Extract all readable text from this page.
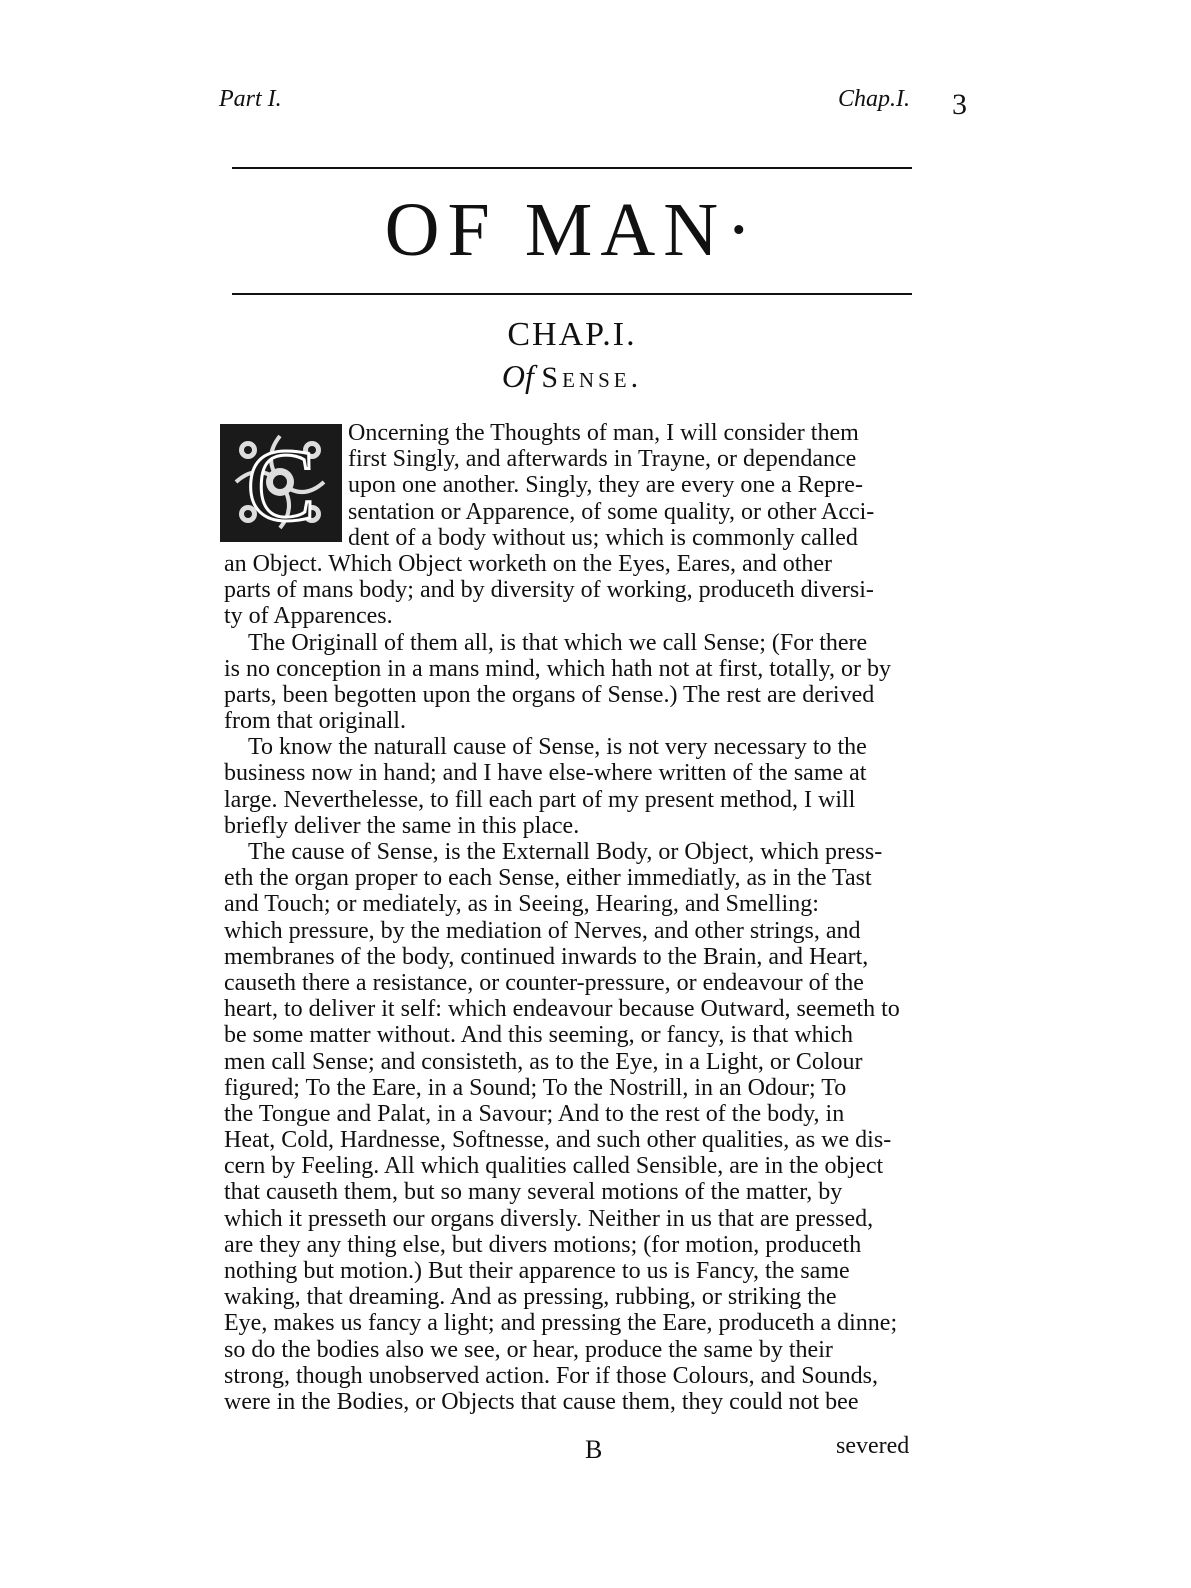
Part I.	Chap.I. 3
OF MAN·
CHAP.I.
Of Sense.
C	Oncerning the Thoughts of man, I will consider them
first Singly, and afterwards in Trayne, or dependance
upon one another. Singly, they are every one a Repre-
sentation or Apparence, of some quality, or other Acci-
dent of a body without us; which is commonly called
an Object. Which Object worketh on the Eyes, Eares, and other
parts of mans body; and by diversity of working, produceth diversi-
ty of Apparences.
The Originall of them all, is that which we call Sense; (For there
is no conception in a mans mind, which hath not at first, totally, or by
parts, been begotten upon the organs of Sense.) The rest are derived
from that originall.
To know the naturall cause of Sense, is not very necessary to the
business now in hand; and I have else-where written of the same at
large. Neverthelesse, to fill each part of my present method, I will
briefly deliver the same in this place.
The cause of Sense, is the Externall Body, or Object, which press-
eth the organ proper to each Sense, either immediatly, as in the Tast
and Touch; or mediately, as in Seeing, Hearing, and Smelling:
which pressure, by the mediation of Nerves, and other strings, and
membranes of the body, continued inwards to the Brain, and Heart,
causeth there a resistance, or counter-pressure, or endeavour of the
heart, to deliver it self: which endeavour because Outward, seemeth to
be some matter without. And this seeming, or fancy, is that which
men call Sense; and consisteth, as to the Eye, in a Light, or Colour
figured; To the Eare, in a Sound; To the Nostrill, in an Odour; To
the Tongue and Palat, in a Savour; And to the rest of the body, in
Heat, Cold, Hardnesse, Softnesse, and such other qualities, as we dis-
cern by Feeling. All which qualities called Sensible, are in the object
that causeth them, but so many several motions of the matter, by
which it presseth our organs diversly. Neither in us that are pressed,
are they any thing else, but divers motions; (for motion, produceth
nothing but motion.) But their apparence to us is Fancy, the same
waking, that dreaming. And as pressing, rubbing, or striking the
Eye, makes us fancy a light; and pressing the Eare, produceth a dinne;
so do the bodies also we see, or hear, produce the same by their
strong, though unobserved action. For if those Colours, and Sounds,
were in the Bodies, or Objects that cause them, they could not bee
B	severed
